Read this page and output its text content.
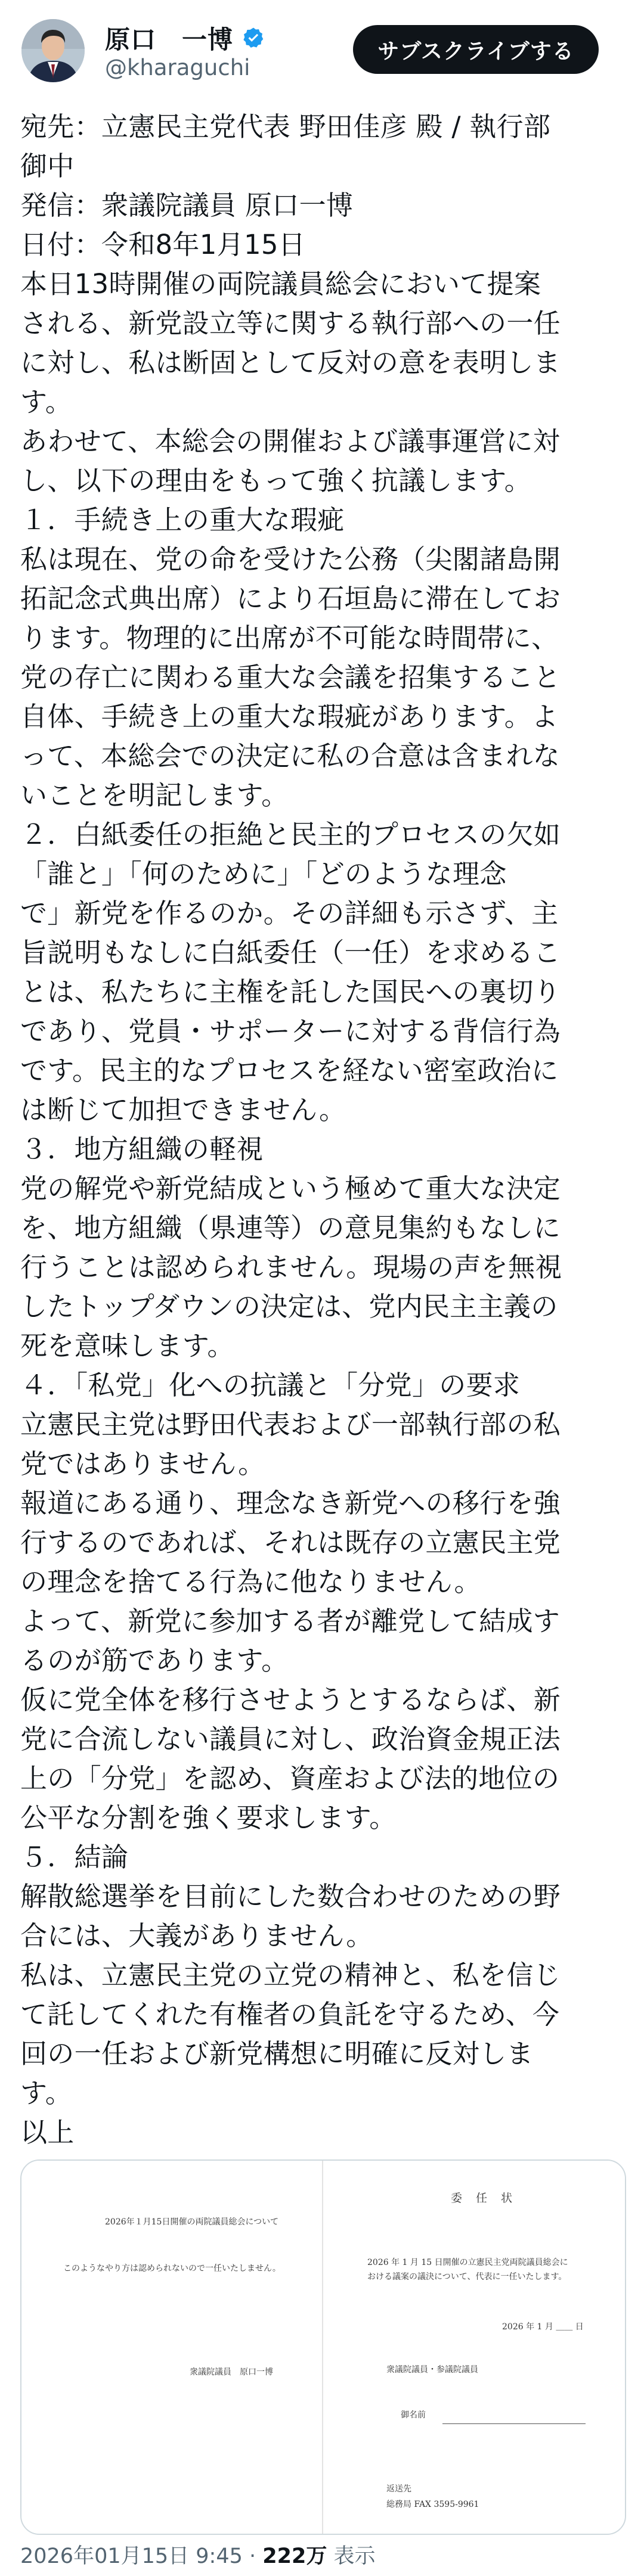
原口　一博
@kharaguchi
サブスクライブする
宛先：立憲民主党代表 野田佳彦 殿 / 執行部
御中
発信：衆議院議員 原口一博
日付：令和8年1月15日
本日13時開催の両院議員総会において提案
される、新党設立等に関する執行部への一任
に対し、私は断固として反対の意を表明しま
す。
あわせて、本総会の開催および議事運営に対
し、以下の理由をもって強く抗議します。
１．手続き上の重大な瑕疵
私は現在、党の命を受けた公務（尖閣諸島開
拓記念式典出席）により石垣島に滞在してお
ります。物理的に出席が不可能な時間帯に、
党の存亡に関わる重大な会議を招集すること
自体、手続き上の重大な瑕疵があります。よ
って、本総会での決定に私の合意は含まれな
いことを明記します。
２．白紙委任の拒絶と民主的プロセスの欠如
「誰と」「何のために」「どのような理念
で」新党を作るのか。その詳細も示さず、主
旨説明もなしに白紙委任（一任）を求めるこ
とは、私たちに主権を託した国民への裏切り
であり、党員・サポーターに対する背信行為
です。民主的なプロセスを経ない密室政治に
は断じて加担できません。
３．地方組織の軽視
党の解党や新党結成という極めて重大な決定
を、地方組織（県連等）の意見集約もなしに
行うことは認められません。現場の声を無視
したトップダウンの決定は、党内民主主義の
死を意味します。
４．「私党」化への抗議と「分党」の要求
立憲民主党は野田代表および一部執行部の私
党ではありません。
報道にある通り、理念なき新党への移行を強
行するのであれば、それは既存の立憲民主党
の理念を捨てる行為に他なりません。
よって、新党に参加する者が離党して結成す
るのが筋であります。
仮に党全体を移行させようとするならば、新
党に合流しない議員に対し、政治資金規正法
上の「分党」を認め、資産および法的地位の
公平な分割を強く要求します。
５．結論
解散総選挙を目前にした数合わせのための野
合には、大義がありません。
私は、立憲民主党の立党の精神と、私を信じ
て託してくれた有権者の負託を守るため、今
回の一任および新党構想に明確に反対しま
す。
以上
2026年１月15日開催の両院議員総会について
このようなやり方は認められないので一任いたしません。
衆議院議員　原口一博
委　任　状
2026 年 1 月 15 日開催の立憲民主党両院議員総会に
おける議案の議決について、代表に一任いたします。
2026 年 1 月 ＿＿ 日
衆議院議員・参議院議員
御名前
返送先
総務局 FAX 3595-9961
2026年01月15日 9:45 · 222万 表示
